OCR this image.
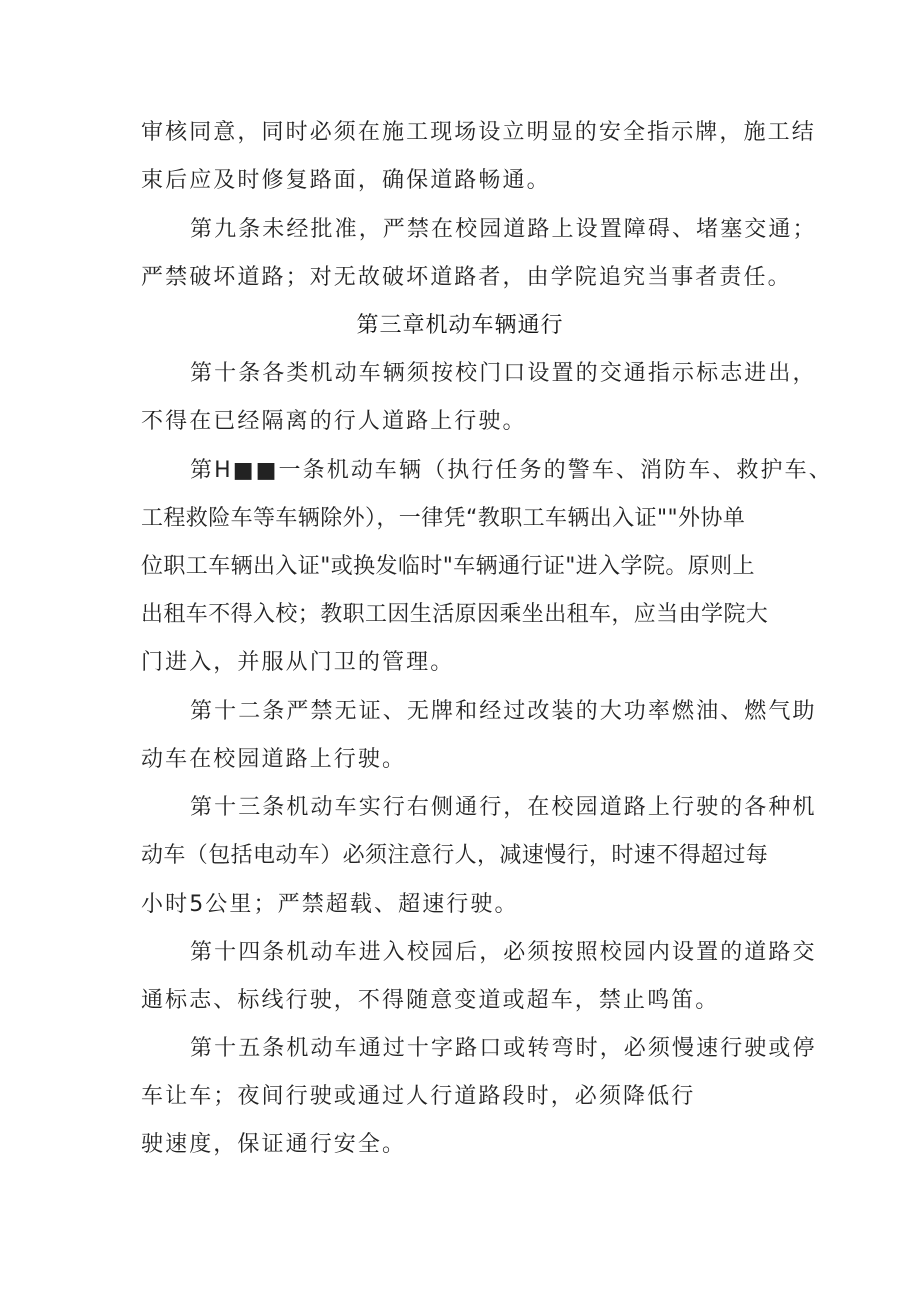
审核同意，同时必须在施工现场设立明显的安全指示牌，施工结
束后应及时修复路面，确保道路畅通。
第九条未经批准，严禁在校园道路上设置障碍、堵塞交通；
严禁破坏道路；对无故破坏道路者，由学院追究当事者责任。
第三章机动车辆通行
第十条各类机动车辆须按校门口设置的交通指示标志进出，
不得在已经隔离的行人道路上行驶。
第H■■一条机动车辆（执行任务的警车、消防车、救护车、
工程救险车等车辆除外），一律凭“教职工车辆出入证""外协单
位职工车辆出入证"或换发临时"车辆通行证"进入学院。原则上
出租车不得入校；教职工因生活原因乘坐出租车，应当由学院大
门进入，并服从门卫的管理。
第十二条严禁无证、无牌和经过改装的大功率燃油、燃气助
动车在校园道路上行驶。
第十三条机动车实行右侧通行，在校园道路上行驶的各种机
动车（包括电动车）必须注意行人，减速慢行，时速不得超过每
小时5公里；严禁超载、超速行驶。
第十四条机动车进入校园后，必须按照校园内设置的道路交
通标志、标线行驶，不得随意变道或超车，禁止鸣笛。
第十五条机动车通过十字路口或转弯时，必须慢速行驶或停
车让车；夜间行驶或通过人行道路段时，必须降低行
驶速度，保证通行安全。
